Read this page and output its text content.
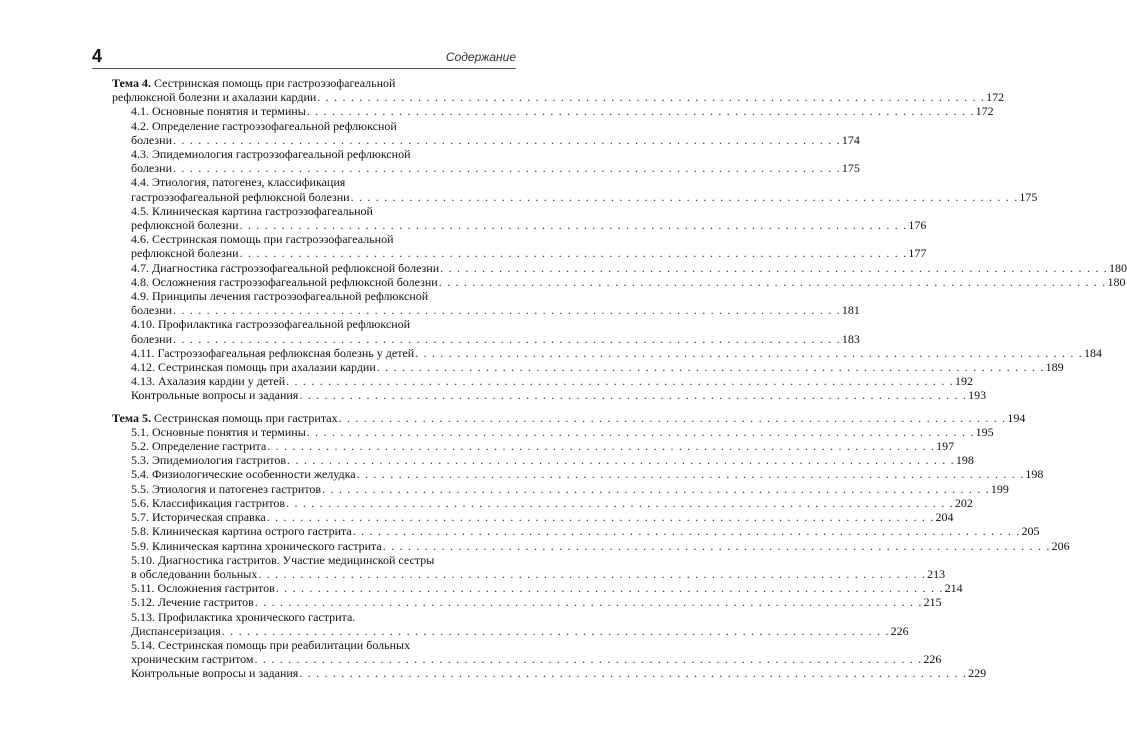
4	Содержание
Тема 4. Сестринская помощь при гастроэзофагеальной
рефлюксной болезни и ахалазии кардии . . . . . . . . . . . . . . . . . . . . . . . . . . . . . . . . . . . . . . . . . . . . . . . . . . . . . . . . . . . . . . . . . . . . . . . . . . . . . . . . 172
4.1. Основные понятия и термины . . . . . . . . . . . . . . . . . . . . . . . . . . . . . . . . . . . . . . . . . . . . . . . . . . . . . . . . . . . . . . . . . . . . . . . . . . . . . . . . 172
4.2. Определение гастроэзофагеальной рефлюксной
болезни . . . . . . . . . . . . . . . . . . . . . . . . . . . . . . . . . . . . . . . . . . . . . . . . . . . . . . . . . . . . . . . . . . . . . . . . . . . . . . . . 174
4.3. Эпидемиология гастроэзофагеальной рефлюксной
болезни . . . . . . . . . . . . . . . . . . . . . . . . . . . . . . . . . . . . . . . . . . . . . . . . . . . . . . . . . . . . . . . . . . . . . . . . . . . . . . . . 175
4.4. Этиология, патогенез, классификация
гастроэзофагеальной рефлюксной болезни . . . . . . . . . . . . . . . . . . . . . . . . . . . . . . . . . . . . . . . . . . . . . . . . . . . . . . . . . . . . . . . . . . . . . . . . . . . . . . . . 175
4.5. Клиническая картина гастроэзофагеальной
рефлюксной болезни . . . . . . . . . . . . . . . . . . . . . . . . . . . . . . . . . . . . . . . . . . . . . . . . . . . . . . . . . . . . . . . . . . . . . . . . . . . . . . . . 176
4.6. Сестринская помощь при гастроэзофагеальной
рефлюксной болезни . . . . . . . . . . . . . . . . . . . . . . . . . . . . . . . . . . . . . . . . . . . . . . . . . . . . . . . . . . . . . . . . . . . . . . . . . . . . . . . . 177
4.7. Диагностика гастроэзофагеальной рефлюксной болезни . . . . . . . . . . . . . . . . . . . . . . . . . . . . . . . . . . . . . . . . . . . . . . . . . . . . . . . . . . . . . . . . . . . . . . . . . . . . . . . . 180
4.8. Осложнения гастроэзофагеальной рефлюксной болезни . . . . . . . . . . . . . . . . . . . . . . . . . . . . . . . . . . . . . . . . . . . . . . . . . . . . . . . . . . . . . . . . . . . . . . . . . . . . . . . . 180
4.9. Принципы лечения гастроэзофагеальной рефлюксной
болезни . . . . . . . . . . . . . . . . . . . . . . . . . . . . . . . . . . . . . . . . . . . . . . . . . . . . . . . . . . . . . . . . . . . . . . . . . . . . . . . . 181
4.10. Профилактика гастроэзофагеальной рефлюксной
болезни . . . . . . . . . . . . . . . . . . . . . . . . . . . . . . . . . . . . . . . . . . . . . . . . . . . . . . . . . . . . . . . . . . . . . . . . . . . . . . . . 183
4.11. Гастроэзофагеальная рефлюксная болезнь у детей . . . . . . . . . . . . . . . . . . . . . . . . . . . . . . . . . . . . . . . . . . . . . . . . . . . . . . . . . . . . . . . . . . . . . . . . . . . . . . . . 184
4.12. Сестринская помощь при ахалазии кардии . . . . . . . . . . . . . . . . . . . . . . . . . . . . . . . . . . . . . . . . . . . . . . . . . . . . . . . . . . . . . . . . . . . . . . . . . . . . . . . . 189
4.13. Ахалазия кардии у детей . . . . . . . . . . . . . . . . . . . . . . . . . . . . . . . . . . . . . . . . . . . . . . . . . . . . . . . . . . . . . . . . . . . . . . . . . . . . . . . . 192
Контрольные вопросы и задания . . . . . . . . . . . . . . . . . . . . . . . . . . . . . . . . . . . . . . . . . . . . . . . . . . . . . . . . . . . . . . . . . . . . . . . . . . . . . . . . 193
Тема 5. Сестринская помощь при гастритах . . . . . . . . . . . . . . . . . . . . . . . . . . . . . . . . . . . . . . . . . . . . . . . . . . . . . . . . . . . . . . . . . . . . . . . . . . . . . . . . 194
5.1. Основные понятия и термины . . . . . . . . . . . . . . . . . . . . . . . . . . . . . . . . . . . . . . . . . . . . . . . . . . . . . . . . . . . . . . . . . . . . . . . . . . . . . . . . 195
5.2. Определение гастрита . . . . . . . . . . . . . . . . . . . . . . . . . . . . . . . . . . . . . . . . . . . . . . . . . . . . . . . . . . . . . . . . . . . . . . . . . . . . . . . . 197
5.3. Эпидемиология гастритов . . . . . . . . . . . . . . . . . . . . . . . . . . . . . . . . . . . . . . . . . . . . . . . . . . . . . . . . . . . . . . . . . . . . . . . . . . . . . . . . 198
5.4. Физиологические особенности желудка . . . . . . . . . . . . . . . . . . . . . . . . . . . . . . . . . . . . . . . . . . . . . . . . . . . . . . . . . . . . . . . . . . . . . . . . . . . . . . . . 198
5.5. Этиология и патогенез гастритов . . . . . . . . . . . . . . . . . . . . . . . . . . . . . . . . . . . . . . . . . . . . . . . . . . . . . . . . . . . . . . . . . . . . . . . . . . . . . . . . 199
5.6. Классификация гастритов . . . . . . . . . . . . . . . . . . . . . . . . . . . . . . . . . . . . . . . . . . . . . . . . . . . . . . . . . . . . . . . . . . . . . . . . . . . . . . . . 202
5.7. Историческая справка . . . . . . . . . . . . . . . . . . . . . . . . . . . . . . . . . . . . . . . . . . . . . . . . . . . . . . . . . . . . . . . . . . . . . . . . . . . . . . . . 204
5.8. Клиническая картина острого гастрита . . . . . . . . . . . . . . . . . . . . . . . . . . . . . . . . . . . . . . . . . . . . . . . . . . . . . . . . . . . . . . . . . . . . . . . . . . . . . . . . 205
5.9. Клиническая картина хронического гастрита . . . . . . . . . . . . . . . . . . . . . . . . . . . . . . . . . . . . . . . . . . . . . . . . . . . . . . . . . . . . . . . . . . . . . . . . . . . . . . . . 206
5.10. Диагностика гастритов. Участие медицинской сестры
в обследовании больных . . . . . . . . . . . . . . . . . . . . . . . . . . . . . . . . . . . . . . . . . . . . . . . . . . . . . . . . . . . . . . . . . . . . . . . . . . . . . . . . 213
5.11. Осложнения гастритов . . . . . . . . . . . . . . . . . . . . . . . . . . . . . . . . . . . . . . . . . . . . . . . . . . . . . . . . . . . . . . . . . . . . . . . . . . . . . . . . 214
5.12. Лечение гастритов . . . . . . . . . . . . . . . . . . . . . . . . . . . . . . . . . . . . . . . . . . . . . . . . . . . . . . . . . . . . . . . . . . . . . . . . . . . . . . . . 215
5.13. Профилактика хронического гастрита.
Диспансеризация . . . . . . . . . . . . . . . . . . . . . . . . . . . . . . . . . . . . . . . . . . . . . . . . . . . . . . . . . . . . . . . . . . . . . . . . . . . . . . . . 226
5.14. Сестринская помощь при реабилитации больных
хроническим гастритом . . . . . . . . . . . . . . . . . . . . . . . . . . . . . . . . . . . . . . . . . . . . . . . . . . . . . . . . . . . . . . . . . . . . . . . . . . . . . . . . 226
Контрольные вопросы и задания . . . . . . . . . . . . . . . . . . . . . . . . . . . . . . . . . . . . . . . . . . . . . . . . . . . . . . . . . . . . . . . . . . . . . . . . . . . . . . . . 229
